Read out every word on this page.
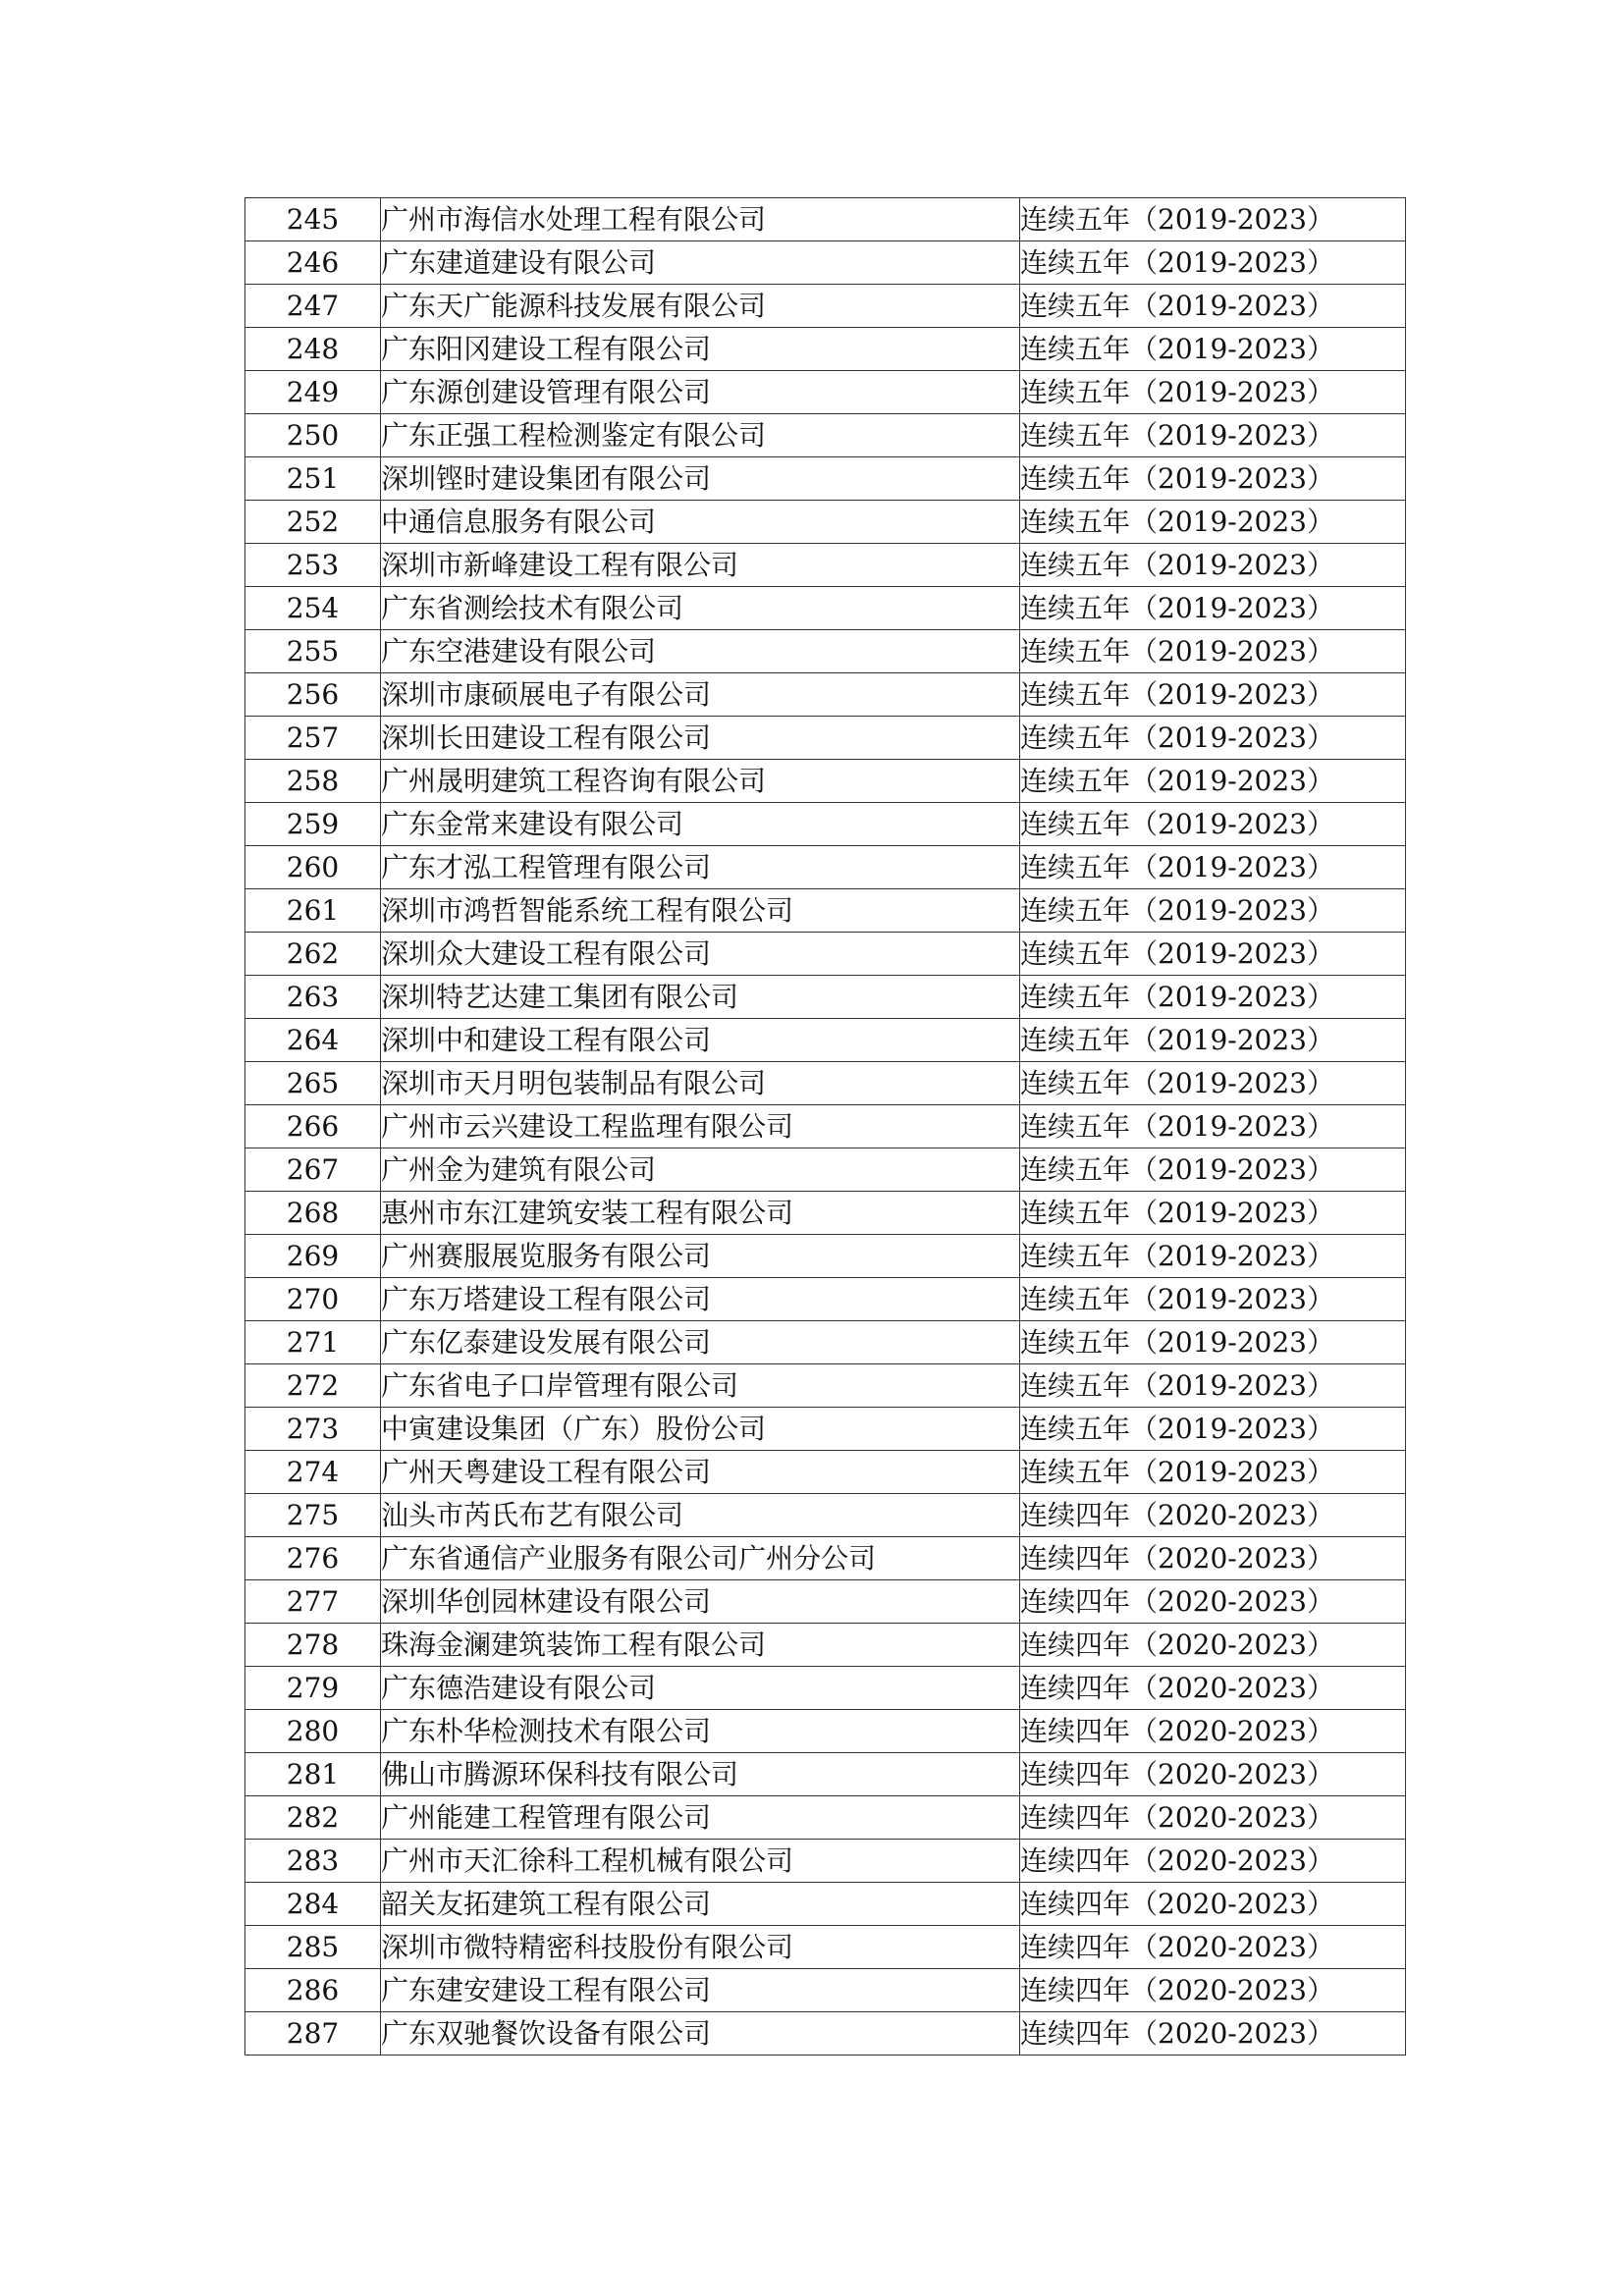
245	广州市海信水处理工程有限公司	连续五年（2019-2023）
246	广东建道建设有限公司	连续五年（2019-2023）
247	广东天广能源科技发展有限公司	连续五年（2019-2023）
248	广东阳冈建设工程有限公司	连续五年（2019-2023）
249	广东源创建设管理有限公司	连续五年（2019-2023）
250	广东正强工程检测鉴定有限公司	连续五年（2019-2023）
251	深圳铿时建设集团有限公司	连续五年（2019-2023）
252	中通信息服务有限公司	连续五年（2019-2023）
253	深圳市新峰建设工程有限公司	连续五年（2019-2023）
254	广东省测绘技术有限公司	连续五年（2019-2023）
255	广东空港建设有限公司	连续五年（2019-2023）
256	深圳市康硕展电子有限公司	连续五年（2019-2023）
257	深圳长田建设工程有限公司	连续五年（2019-2023）
258	广州晟明建筑工程咨询有限公司	连续五年（2019-2023）
259	广东金常来建设有限公司	连续五年（2019-2023）
260	广东才泓工程管理有限公司	连续五年（2019-2023）
261	深圳市鸿哲智能系统工程有限公司	连续五年（2019-2023）
262	深圳众大建设工程有限公司	连续五年（2019-2023）
263	深圳特艺达建工集团有限公司	连续五年（2019-2023）
264	深圳中和建设工程有限公司	连续五年（2019-2023）
265	深圳市天月明包装制品有限公司	连续五年（2019-2023）
266	广州市云兴建设工程监理有限公司	连续五年（2019-2023）
267	广州金为建筑有限公司	连续五年（2019-2023）
268	惠州市东江建筑安装工程有限公司	连续五年（2019-2023）
269	广州赛服展览服务有限公司	连续五年（2019-2023）
270	广东万塔建设工程有限公司	连续五年（2019-2023）
271	广东亿泰建设发展有限公司	连续五年（2019-2023）
272	广东省电子口岸管理有限公司	连续五年（2019-2023）
273	中寅建设集团（广东）股份公司	连续五年（2019-2023）
274	广州天粤建设工程有限公司	连续五年（2019-2023）
275	汕头市芮氏布艺有限公司	连续四年（2020-2023）
276	广东省通信产业服务有限公司广州分公司	连续四年（2020-2023）
277	深圳华创园林建设有限公司	连续四年（2020-2023）
278	珠海金澜建筑装饰工程有限公司	连续四年（2020-2023）
279	广东德浩建设有限公司	连续四年（2020-2023）
280	广东朴华检测技术有限公司	连续四年（2020-2023）
281	佛山市腾源环保科技有限公司	连续四年（2020-2023）
282	广州能建工程管理有限公司	连续四年（2020-2023）
283	广州市天汇徐科工程机械有限公司	连续四年（2020-2023）
284	韶关友拓建筑工程有限公司	连续四年（2020-2023）
285	深圳市微特精密科技股份有限公司	连续四年（2020-2023）
286	广东建安建设工程有限公司	连续四年（2020-2023）
287	广东双驰餐饮设备有限公司	连续四年（2020-2023）
